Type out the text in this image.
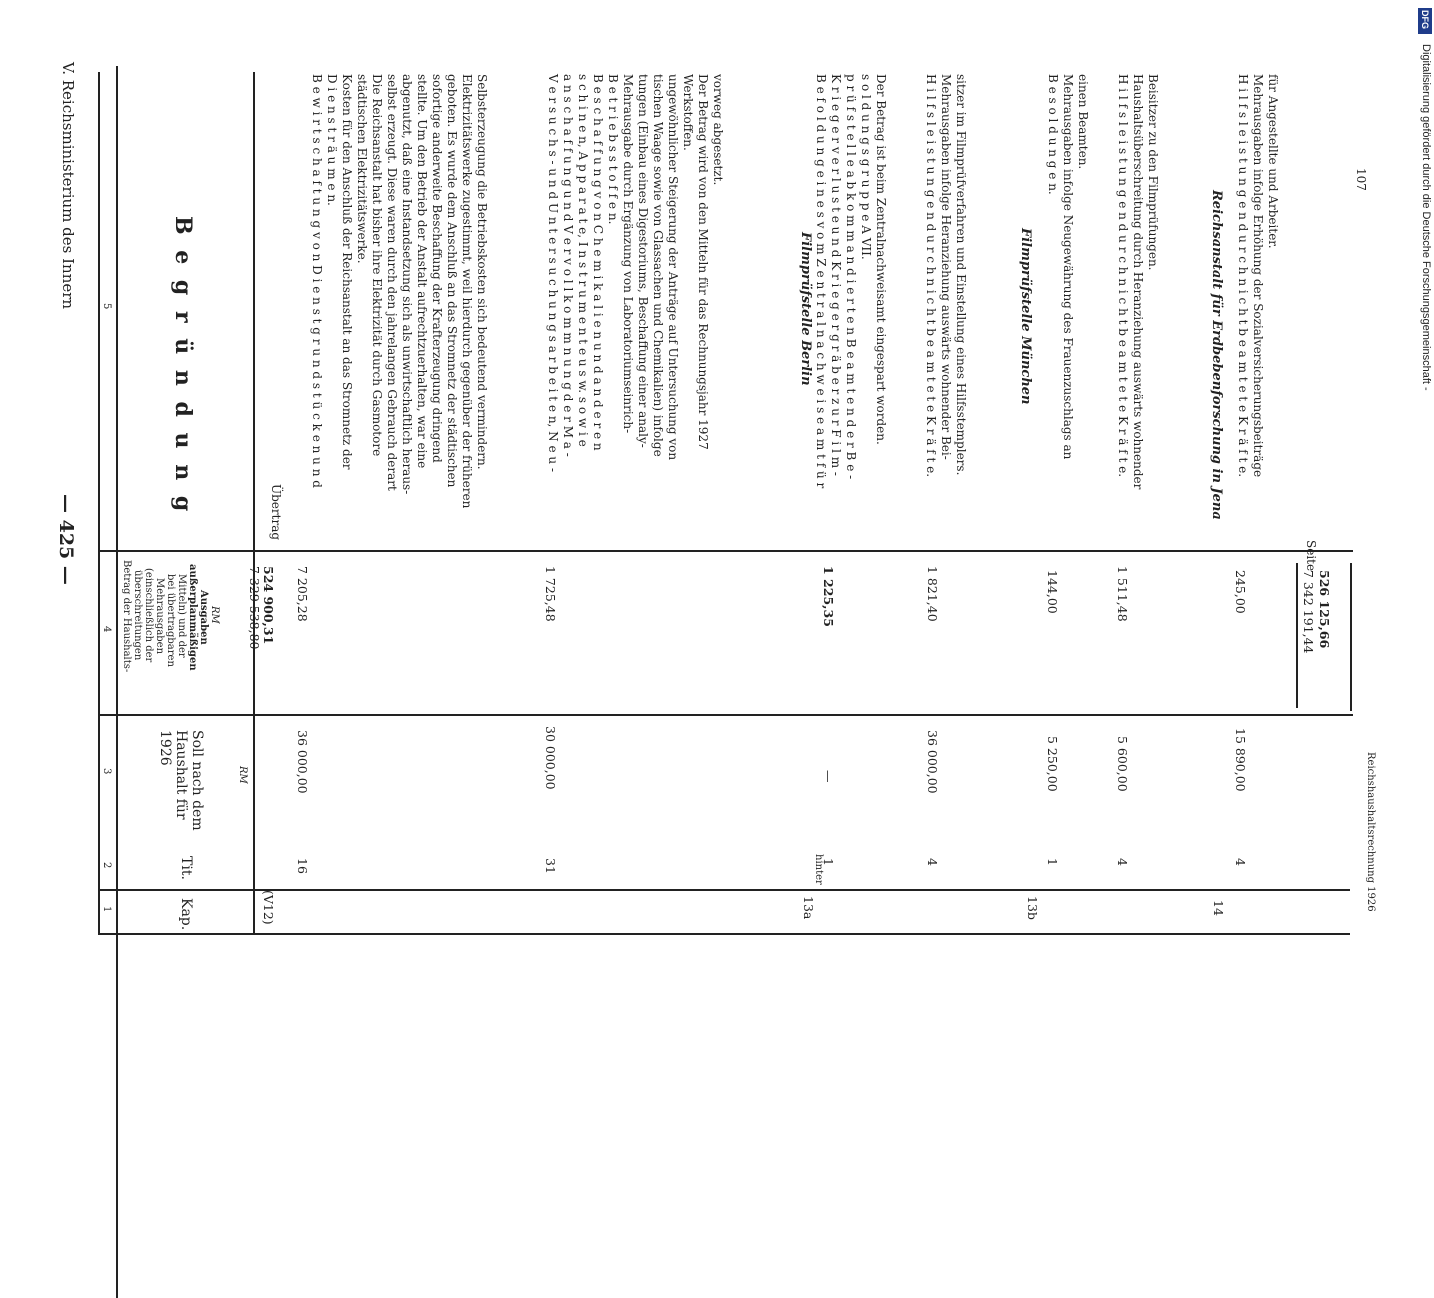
— 425 —
V. Reichsministerium des Innern	107
1
2
3
4
5
Kap.
Tit.
Soll nach dem Haushalt für 1926
RM
Betrag der Haushalts- überschreitungen (einschließlich der Mehrausgaben bei übertragbaren Mitteln) und der außerplanmäßigen Ausgaben RM
B e g r ü n d u n g
(V12)
7 329 538,80 524 900,31
Übertrag
16
36 000,00
7 205,28
B e w i r t s c h a f t u n g v o n D i e n s t g r u n d s t ü c k e n u n d D i e n s t r ä u m e n. Kosten für den Anschluß der Reichsanstalt an das Stromnetz der städtischen Elektrizitätswerke. Die Reichsanstalt hat bisher ihre Elektrizität durch Gasmotore selbst erzeugt. Diese waren durch den jahrelangen Gebrauch derart abgenutzt, daß eine Instandsetzung sich als unwirtschaftlich heraus- stellte. Um den Betrieb der Anstalt aufrechtzuerhalten, war eine sofortige anderweite Beschaffung der Krafterzeugung dringend geboten. Es wurde dem Anschluß an das Stromnetz der städtischen Elektrizitätswerke zugestimmt, weil hierdurch gegenüber der früheren Selbsterzeugung die Betriebskosten sich bedeutend vermindern.
31
30 000,00
1 725,48
V e r s u c h s - u n d U n t e r s u c h u n g s a r b e i t e n, N e u - a n s c h a f f u n g u n d V e r v o l l k o m m n u n g d e r M a - s c h i n e n, A p p a r a t e, I n s t r u m e n t e u s w. s o w i e B e s c h a f f u n g v o n C h e m i k a l i e n u n d a n d e r e n B e t r i e b s s t o f f e n. Mehrausgabe durch Ergänzung von Laboratoriumseinrich- tungen (Einbau eines Digestoriums, Beschaffung einer analy- tischen Waage sowie von Glassachen und Chemikalien) infolge ungewöhnlicher Steigerung der Anträge auf Untersuchung von Werkstoffen. Der Betrag wird von den Mitteln für das Rechnungsjahr 1927 vorweg abgesetzt.
Filmprüfstelle Berlin
13a
hinter
1
—
1 225,35
B e f o l d u n g e i n e s v o m Z e n t r a l n a c h w e i s e a m t f ü r K r i e g e r v e r l u s t e u n d K r i e g e r g r ä b e r z u r F i l m - p r ü f s t e l l e a b k o m m a n d i e r t e n B e a m t e n d e r B e - s o l d u n g s g r u p p e A VII. Der Betrag ist beim Zentralnachweisamt eingespart worden.
4
36 000,00
1 821,40
H i l f s l e i s t u n g e n d u r c h n i c h t b e a m t e t e K r ä f t e. Mehrausgaben infolge Heranziehung auswärts wohnender Bei- sitzer im Filmprüfverfahren und Einstellung eines Hilfsstemplers.	Filmprüfstelle München
13b
1
5 250,00
144,00
B e s o l d u n g e n. Mehrausgaben infolge Neugewährung des Frauenzuschlags an einen Beamten.
4
5 600,00
1 511,48
H i l f s l e i s t u n g e n d u r c h n i c h t b e a m t e t e K r ä f t e. Haushaltsüberschreitung durch Heranziehung auswärts wohnender Beisitzer zu den Filmprüfungen.
Reichsanstalt für Erdbebenforschung in Jena
14
4
15 890,00
245,00
H i l f s l e i s t u n g e n d u r c h n i c h t b e a m t e t e K r ä f t e. Mehrausgaben infolge Erhöhung der Sozialversicherungsbeiträge für Angestellte und Arbeiter.
7 342 191,44 526 125,66
Seite
Reichshaushaltsrechnung 1926
Digitalisierung gefördert durch die Deutsche Forschungsgemeinschaft -
DFG
